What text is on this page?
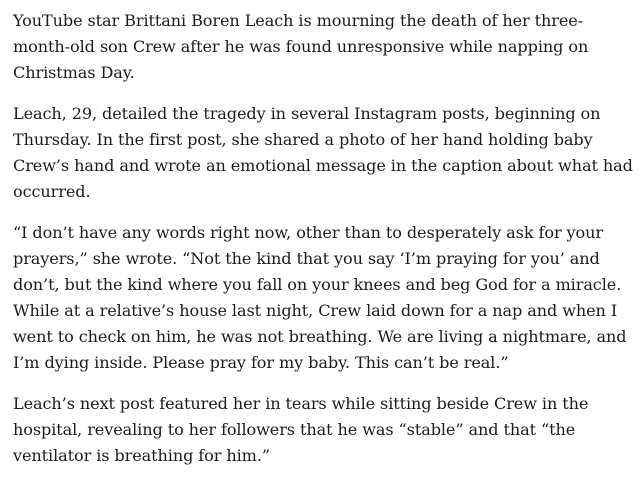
YouTube star Brittani Boren Leach is mourning the death of her three-
month-old son Crew after he was found unresponsive while napping on
Christmas Day.

Leach, 29, detailed the tragedy in several Instagram posts, beginning on
Thursday. In the first post, she shared a photo of her hand holding baby
Crew’s hand and wrote an emotional message in the caption about what had
occurred.

“I don’t have any words right now, other than to desperately ask for your
prayers,” she wrote. “Not the kind that you say ‘I’m praying for you’ and
don’t, but the kind where you fall on your knees and beg God for a miracle.
While at a relative’s house last night, Crew laid down for a nap and when I
went to check on him, he was not breathing. We are living a nightmare, and
I’m dying inside. Please pray for my baby. This can’t be real.”

Leach’s next post featured her in tears while sitting beside Crew in the
hospital, revealing to her followers that he was “stable” and that “the
ventilator is breathing for him.”
